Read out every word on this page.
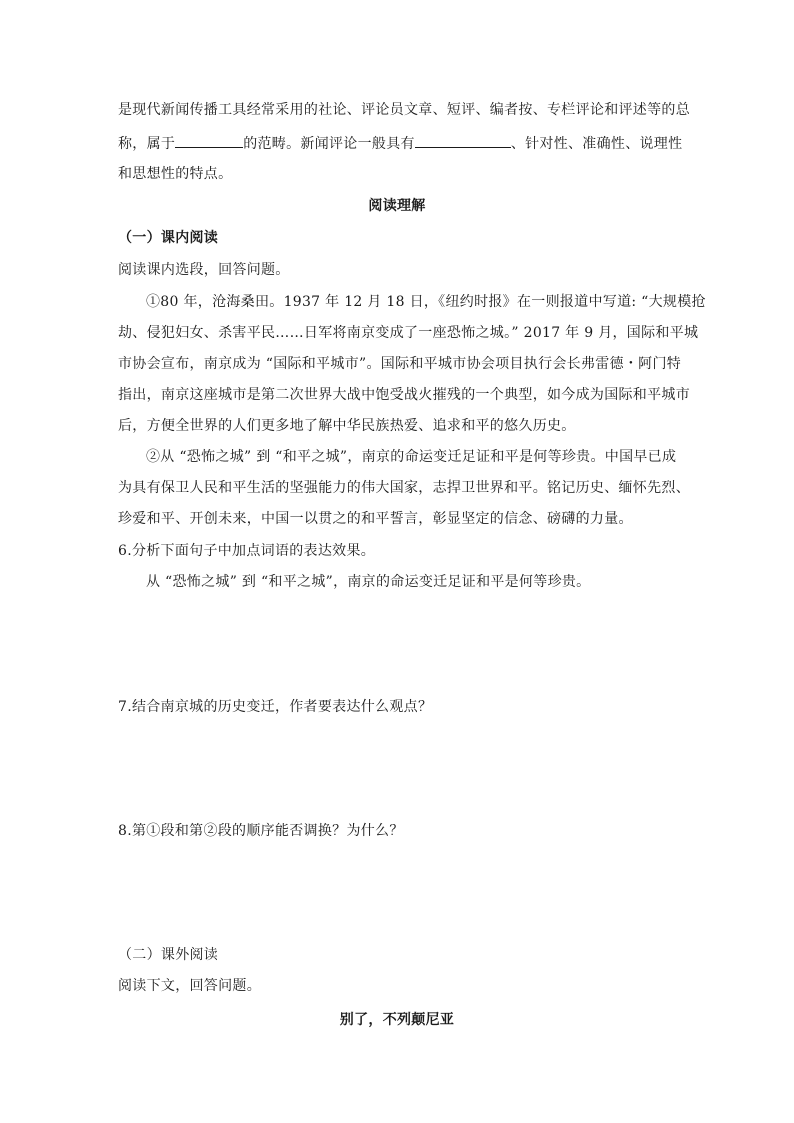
是现代新闻传播工具经常采用的社论、评论员文章、短评、编者按、专栏评论和评述等的总
称，属于	的范畴。新闻评论一般具有	、针对性、准确性、说理性
和思想性的特点。
阅读理解
（一）课内阅读
阅读课内选段，回答问题。
①80 年，沧海桑田。1937 年 12 月 18 日，《纽约时报》在一则报道中写道: “大规模抢
劫、侵犯妇女、杀害平民……日军将南京变成了一座恐怖之城。” 2017 年 9 月，国际和平城
市协会宣布，南京成为 “国际和平城市”。国际和平城市协会项目执行会长弗雷德・阿门特
指出，南京这座城市是第二次世界大战中饱受战火摧残的一个典型，如今成为国际和平城市
后，方便全世界的人们更多地了解中华民族热爱、追求和平的悠久历史。
②从 “恐怖之城” 到 “和平之城”，南京的命运变迁足证和平是何等珍贵。中国早已成
为具有保卫人民和平生活的坚强能力的伟大国家，志捍卫世界和平。铭记历史、缅怀先烈、
珍爱和平、开创未来，中国一以贯之的和平誓言，彰显坚定的信念、磅礴的力量。
6.分析下面句子中加点词语的表达效果。
从 “恐怖之城” 到 “和平之城”，南京的命运变迁足证和平是何等珍贵。
7.结合南京城的历史变迁，作者要表达什么观点？
8.第①段和第②段的顺序能否调换？为什么？
（二）课外阅读
阅读下文，回答问题。
别了，不列颠尼亚
